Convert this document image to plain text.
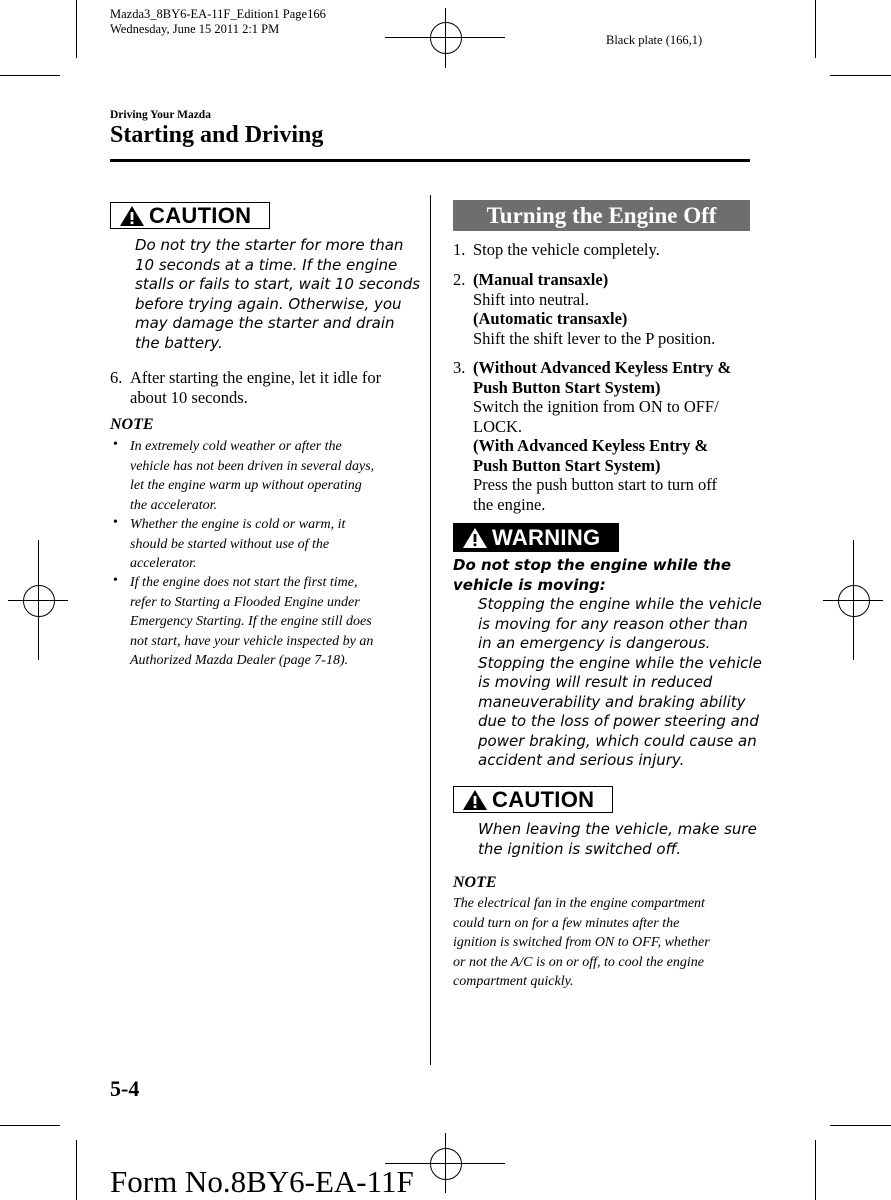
Mazda3_8BY6-EA-11F_Edition1 Page166
Wednesday, June 15 2011 2:1 PM
Black plate (166,1)
Driving Your Mazda
Starting and Driving
CAUTION
Do not try the starter for more than
10 seconds at a time. If the engine
stalls or fails to start, wait 10 seconds
before trying again. Otherwise, you
may damage the starter and drain
the battery.
6. After starting the engine, let it idle for
about 10 seconds.
NOTE
• In extremely cold weather or after the
vehicle has not been driven in several days,
let the engine warm up without operating
the accelerator.
• Whether the engine is cold or warm, it
should be started without use of the
accelerator.
• If the engine does not start the first time,
refer to Starting a Flooded Engine under
Emergency Starting. If the engine still does
not start, have your vehicle inspected by an
Authorized Mazda Dealer (page 7-18).
Turning the Engine Off
1. Stop the vehicle completely.
2. (Manual transaxle)
Shift into neutral.
(Automatic transaxle)
Shift the shift lever to the P position.
3. (Without Advanced Keyless Entry &
Push Button Start System)
Switch the ignition from ON to OFF/
LOCK.
(With Advanced Keyless Entry &
Push Button Start System)
Press the push button start to turn off
the engine.
WARNING
Do not stop the engine while the
vehicle is moving:
Stopping the engine while the vehicle
is moving for any reason other than
in an emergency is dangerous.
Stopping the engine while the vehicle
is moving will result in reduced
maneuverability and braking ability
due to the loss of power steering and
power braking, which could cause an
accident and serious injury.
CAUTION
When leaving the vehicle, make sure
the ignition is switched off.
NOTE
The electrical fan in the engine compartment
could turn on for a few minutes after the
ignition is switched from ON to OFF, whether
or not the A/C is on or off, to cool the engine
compartment quickly.
5-4
Form No.8BY6-EA-11F
